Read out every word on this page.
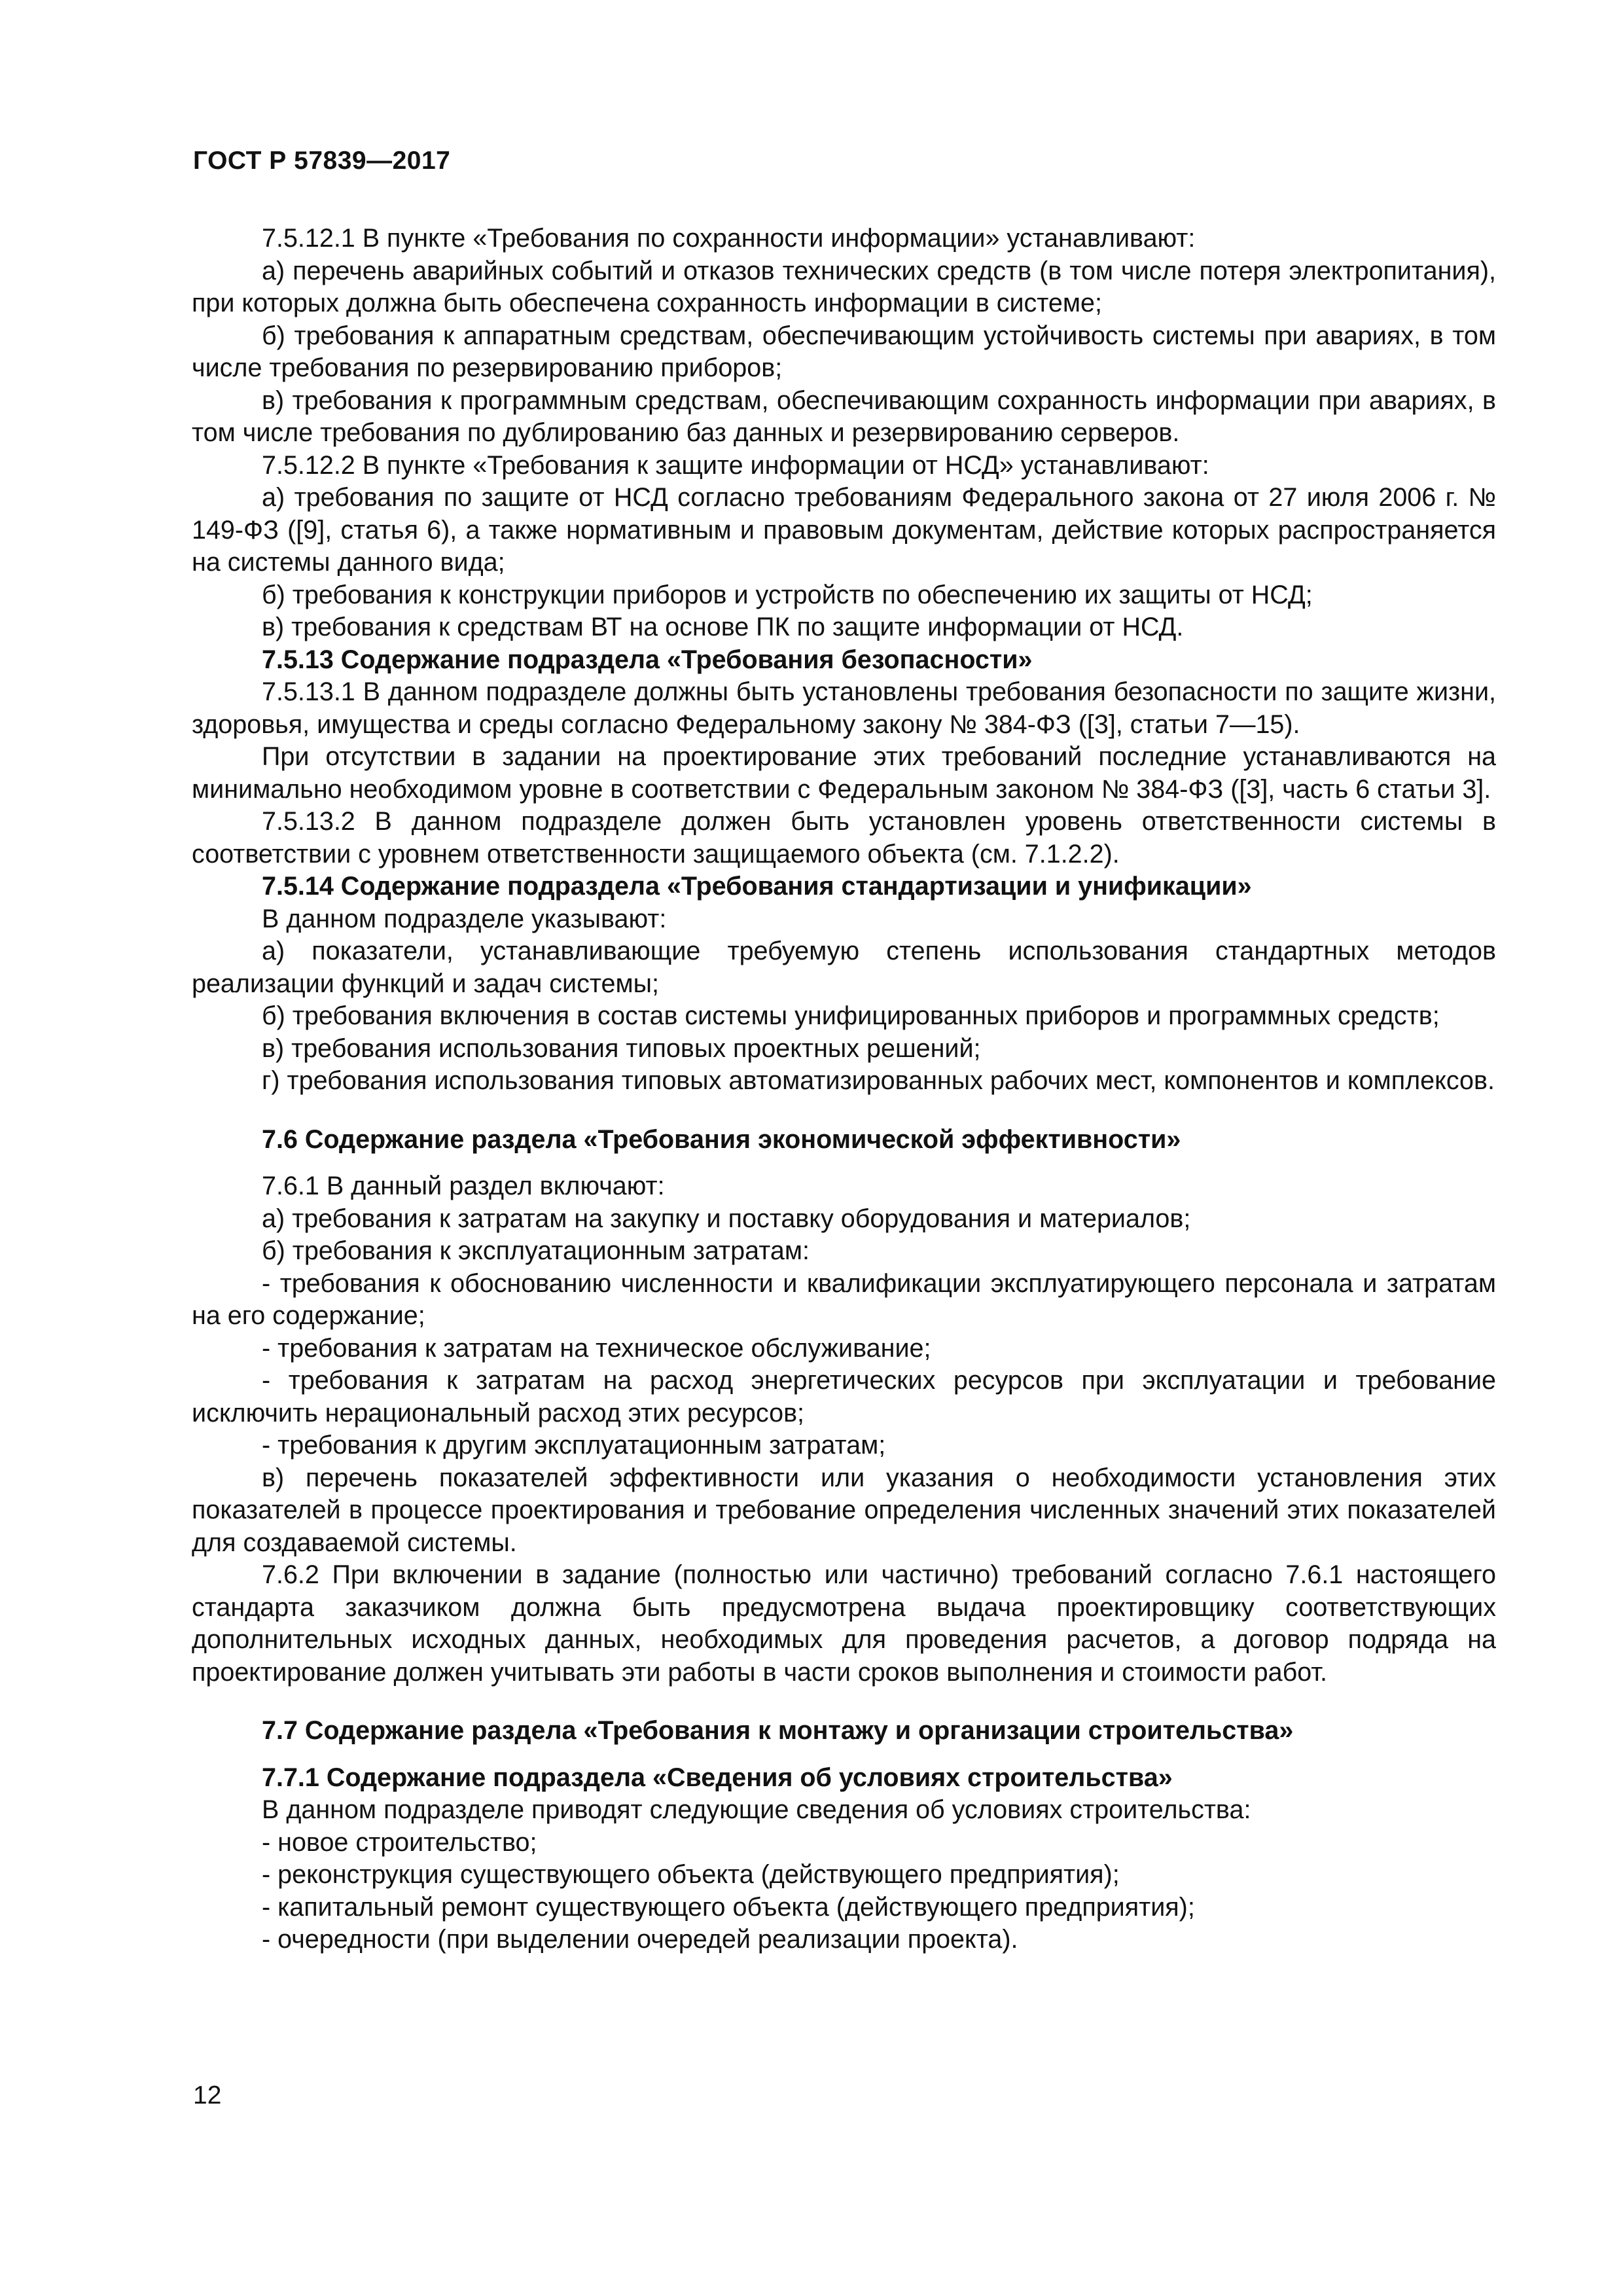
ГОСТ Р 57839—2017

7.5.12.1 В пункте «Требования по сохранности информации» устанавливают:

а) перечень аварийных событий и отказов технических средств (в том числе потеря электропитания), при которых должна быть обеспечена сохранность информации в системе;

б) требования к аппаратным средствам, обеспечивающим устойчивость системы при авариях, в том числе требования по резервированию приборов;

в) требования к программным средствам, обеспечивающим сохранность информации при авариях, в том числе требования по дублированию баз данных и резервированию серверов.

7.5.12.2 В пункте «Требования к защите информации от НСД» устанавливают:

а) требования по защите от НСД согласно требованиям Федерального закона от 27 июля 2006 г. № 149-ФЗ ([9], статья 6), а также нормативным и правовым документам, действие которых распространяется на системы данного вида;

б) требования к конструкции приборов и устройств по обеспечению их защиты от НСД;

в) требования к средствам ВТ на основе ПК по защите информации от НСД.

7.5.13 Содержание подраздела «Требования безопасности»

7.5.13.1 В данном подразделе должны быть установлены требования безопасности по защите жизни, здоровья, имущества и среды согласно Федеральному закону № 384-ФЗ ([3], статьи 7—15).

При отсутствии в задании на проектирование этих требований последние устанавливаются на минимально необходимом уровне в соответствии с Федеральным законом № 384-ФЗ ([3], часть 6 статьи 3].

7.5.13.2 В данном подразделе должен быть установлен уровень ответственности системы в соответствии с уровнем ответственности защищаемого объекта (см. 7.1.2.2).

7.5.14 Содержание подраздела «Требования стандартизации и унификации»

В данном подразделе указывают:

а) показатели, устанавливающие требуемую степень использования стандартных методов реализации функций и задач системы;

б) требования включения в состав системы унифицированных приборов и программных средств;

в) требования использования типовых проектных решений;

г) требования использования типовых автоматизированных рабочих мест, компонентов и комплексов.

7.6 Содержание раздела «Требования экономической эффективности»

7.6.1 В данный раздел включают:

а) требования к затратам на закупку и поставку оборудования и материалов;

б) требования к эксплуатационным затратам:

- требования к обоснованию численности и квалификации эксплуатирующего персонала и затратам на его содержание;

- требования к затратам на техническое обслуживание;

- требования к затратам на расход энергетических ресурсов при эксплуатации и требование исключить нерациональный расход этих ресурсов;

- требования к другим эксплуатационным затратам;

в) перечень показателей эффективности или указания о необходимости установления этих показателей в процессе проектирования и требование определения численных значений этих показателей для создаваемой системы.

7.6.2 При включении в задание (полностью или частично) требований согласно 7.6.1 настоящего стандарта заказчиком должна быть предусмотрена выдача проектировщику соответствующих дополнительных исходных данных, необходимых для проведения расчетов, а договор подряда на проектирование должен учитывать эти работы в части сроков выполнения и стоимости работ.

7.7 Содержание раздела «Требования к монтажу и организации строительства»

7.7.1 Содержание подраздела «Сведения об условиях строительства»

В данном подразделе приводят следующие сведения об условиях строительства:

- новое строительство;

- реконструкция существующего объекта (действующего предприятия);

- капитальный ремонт существующего объекта (действующего предприятия);

- очередности (при выделении очередей реализации проекта).

12
